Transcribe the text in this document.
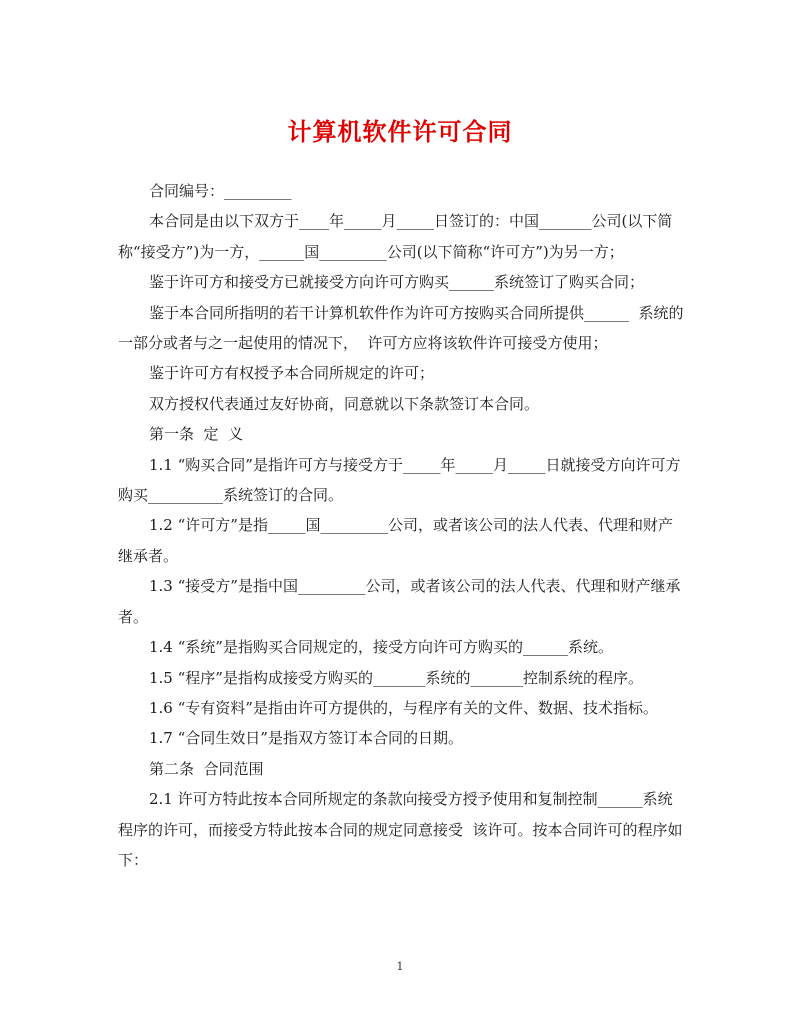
计算机软件许可合同

合同编号：_________

本合同是由以下双方于____年_____月_____日签订的：中国_______公司(以下简称“接受方”)为一方，______国_________公司(以下简称“许可方”)为另一方；

鉴于许可方和接受方已就接受方向许可方购买______系统签订了购买合同；

鉴于本合同所指明的若干计算机软件作为许可方按购买合同所提供______  系统的一部分或者与之一起使用的情况下，  许可方应将该软件许可接受方使用；

鉴于许可方有权授予本合同所规定的许可；

双方授权代表通过友好协商，同意就以下条款签订本合同。

第一条  定  义

1.1 “购买合同”是指许可方与接受方于_____年_____月_____日就接受方向许可方购买__________系统签订的合同。

1.2 “许可方”是指_____国_________公司，或者该公司的法人代表、代理和财产继承者。

1.3 “接受方”是指中国_________公司，或者该公司的法人代表、代理和财产继承者。

1.4 “系统”是指购买合同规定的，接受方向许可方购买的______系统。

1.5 “程序”是指构成接受方购买的_______系统的_______控制系统的程序。

1.6 “专有资料”是指由许可方提供的，与程序有关的文件、数据、技术指标。

1.7 “合同生效日”是指双方签订本合同的日期。

第二条  合同范围

2.1 许可方特此按本合同所规定的条款向接受方授予使用和复制控制______系统程序的许可，而接受方特此按本合同的规定同意接受  该许可。按本合同许可的程序如下：

1
